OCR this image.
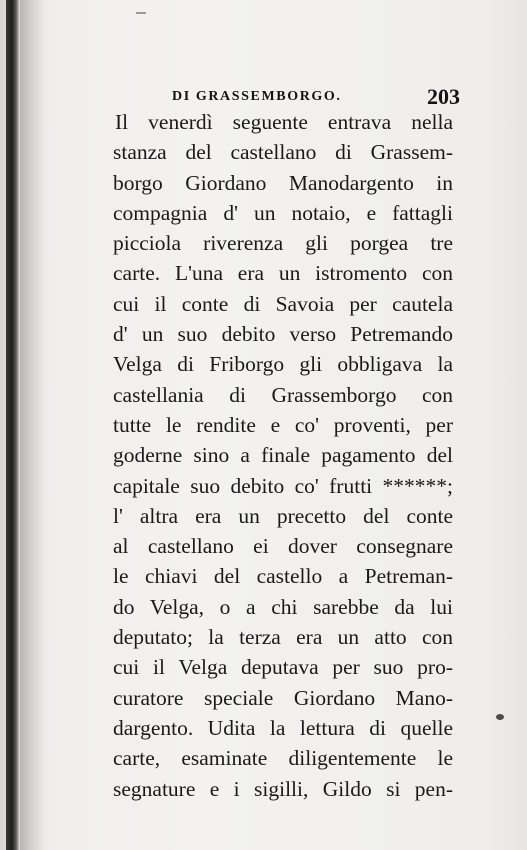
DI GRASSEMBORGO.	203
Il venerdì seguente entrava nella
stanza del castellano di Grassem-
borgo Giordano Manodargento in
compagnia d' un notaio, e fattagli
picciola riverenza gli porgea tre
carte. L'una era un istromento con
cui il conte di Savoia per cautela
d' un suo debito verso Petremando
Velga di Friborgo gli obbligava la
castellania di Grassemborgo con
tutte le rendite e co' proventi, per
goderne sino a finale pagamento del
capitale suo debito co' frutti ******;
l' altra era un precetto del conte
al castellano ei dover consegnare
le chiavi del castello a Petreman-
do Velga, o a chi sarebbe da lui
deputato; la terza era un atto con
cui il Velga deputava per suo pro-
curatore speciale Giordano Mano-
dargento. Udita la lettura di quelle
carte, esaminate diligentemente le
segnature e i sigilli, Gildo si pen-
